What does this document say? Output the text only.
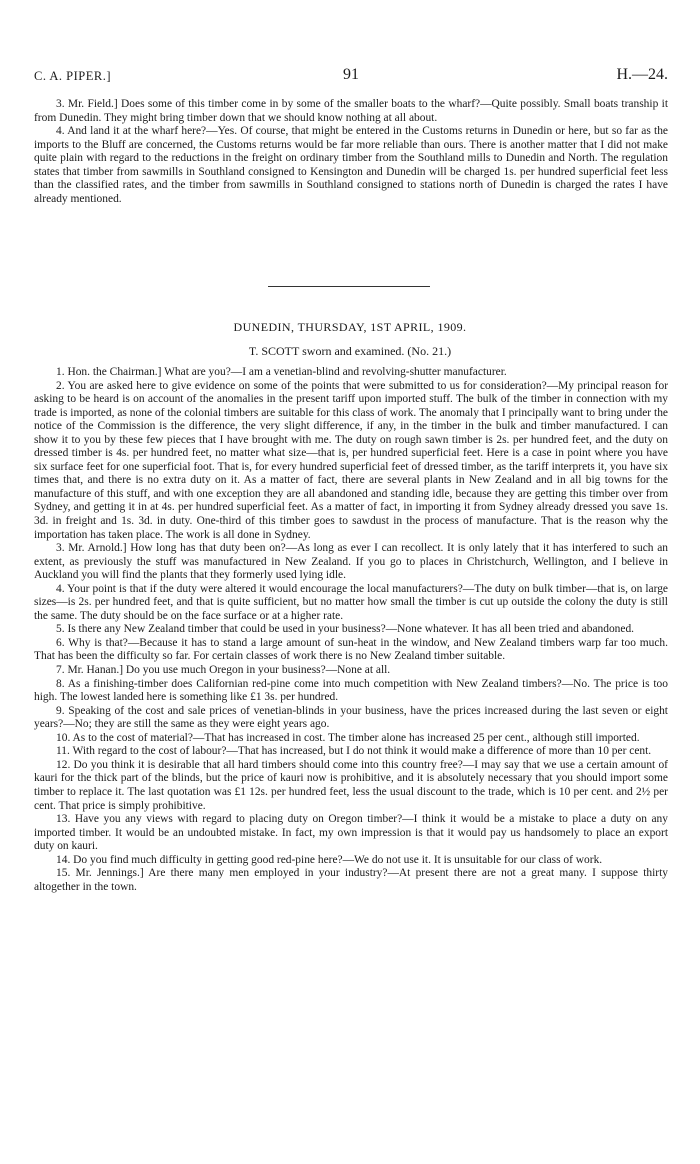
C. A. PIPER.]	91	H.—24.

3. Mr. Field.] Does some of this timber come in by some of the smaller boats to the wharf?—Quite possibly. Small boats tranship it from Dunedin. They might bring timber down that we should know nothing at all about.

4. And land it at the wharf here?—Yes. Of course, that might be entered in the Customs returns in Dunedin or here, but so far as the imports to the Bluff are concerned, the Customs returns would be far more reliable than ours. There is another matter that I did not make quite plain with regard to the reductions in the freight on ordinary timber from the Southland mills to Dunedin and North. The regulation states that timber from sawmills in Southland consigned to Kensington and Dunedin will be charged 1s. per hundred superficial feet less than the classified rates, and the timber from sawmills in Southland consigned to stations north of Dunedin is charged the rates I have already mentioned.

DUNEDIN, THURSDAY, 1ST APRIL, 1909.
T. SCOTT sworn and examined. (No. 21.)

1. Hon. the Chairman.] What are you?—I am a venetian-blind and revolving-shutter manufacturer.

2. You are asked here to give evidence on some of the points that were submitted to us for consideration?—My principal reason for asking to be heard is on account of the anomalies in the present tariff upon imported stuff. The bulk of the timber in connection with my trade is imported, as none of the colonial timbers are suitable for this class of work. The anomaly that I principally want to bring under the notice of the Commission is the difference, the very slight difference, if any, in the timber in the bulk and timber manufactured. I can show it to you by these few pieces that I have brought with me. The duty on rough sawn timber is 2s. per hundred feet, and the duty on dressed timber is 4s. per hundred feet, no matter what size—that is, per hundred superficial feet. Here is a case in point where you have six surface feet for one superficial foot. That is, for every hundred superficial feet of dressed timber, as the tariff interprets it, you have six times that, and there is no extra duty on it. As a matter of fact, there are several plants in New Zealand and in all big towns for the manufacture of this stuff, and with one exception they are all abandoned and standing idle, because they are getting this timber over from Sydney, and getting it in at 4s. per hundred superficial feet. As a matter of fact, in importing it from Sydney already dressed you save 1s. 3d. in freight and 1s. 3d. in duty. One-third of this timber goes to sawdust in the process of manufacture. That is the reason why the importation has taken place. The work is all done in Sydney.

3. Mr. Arnold.] How long has that duty been on?—As long as ever I can recollect. It is only lately that it has interfered to such an extent, as previously the stuff was manufactured in New Zealand. If you go to places in Christchurch, Wellington, and I believe in Auckland you will find the plants that they formerly used lying idle.

4. Your point is that if the duty were altered it would encourage the local manufacturers?—The duty on bulk timber—that is, on large sizes—is 2s. per hundred feet, and that is quite sufficient, but no matter how small the timber is cut up outside the colony the duty is still the same. The duty should be on the face surface or at a higher rate.

5. Is there any New Zealand timber that could be used in your business?—None whatever. It has all been tried and abandoned.

6. Why is that?—Because it has to stand a large amount of sun-heat in the window, and New Zealand timbers warp far too much. That has been the difficulty so far. For certain classes of work there is no New Zealand timber suitable.

7. Mr. Hanan.] Do you use much Oregon in your business?—None at all.

8. As a finishing-timber does Californian red-pine come into much competition with New Zealand timbers?—No. The price is too high. The lowest landed here is something like £1 3s. per hundred.

9. Speaking of the cost and sale prices of venetian-blinds in your business, have the prices increased during the last seven or eight years?—No; they are still the same as they were eight years ago.

10. As to the cost of material?—That has increased in cost. The timber alone has increased 25 per cent., although still imported.

11. With regard to the cost of labour?—That has increased, but I do not think it would make a difference of more than 10 per cent.

12. Do you think it is desirable that all hard timbers should come into this country free?—I may say that we use a certain amount of kauri for the thick part of the blinds, but the price of kauri now is prohibitive, and it is absolutely necessary that you should import some timber to replace it. The last quotation was £1 12s. per hundred feet, less the usual discount to the trade, which is 10 per cent. and 2½ per cent. That price is simply prohibitive.

13. Have you any views with regard to placing duty on Oregon timber?—I think it would be a mistake to place a duty on any imported timber. It would be an undoubted mistake. In fact, my own impression is that it would pay us handsomely to place an export duty on kauri.

14. Do you find much difficulty in getting good red-pine here?—We do not use it. It is unsuitable for our class of work.

15. Mr. Jennings.] Are there many men employed in your industry?—At present there are not a great many. I suppose thirty altogether in the town.
